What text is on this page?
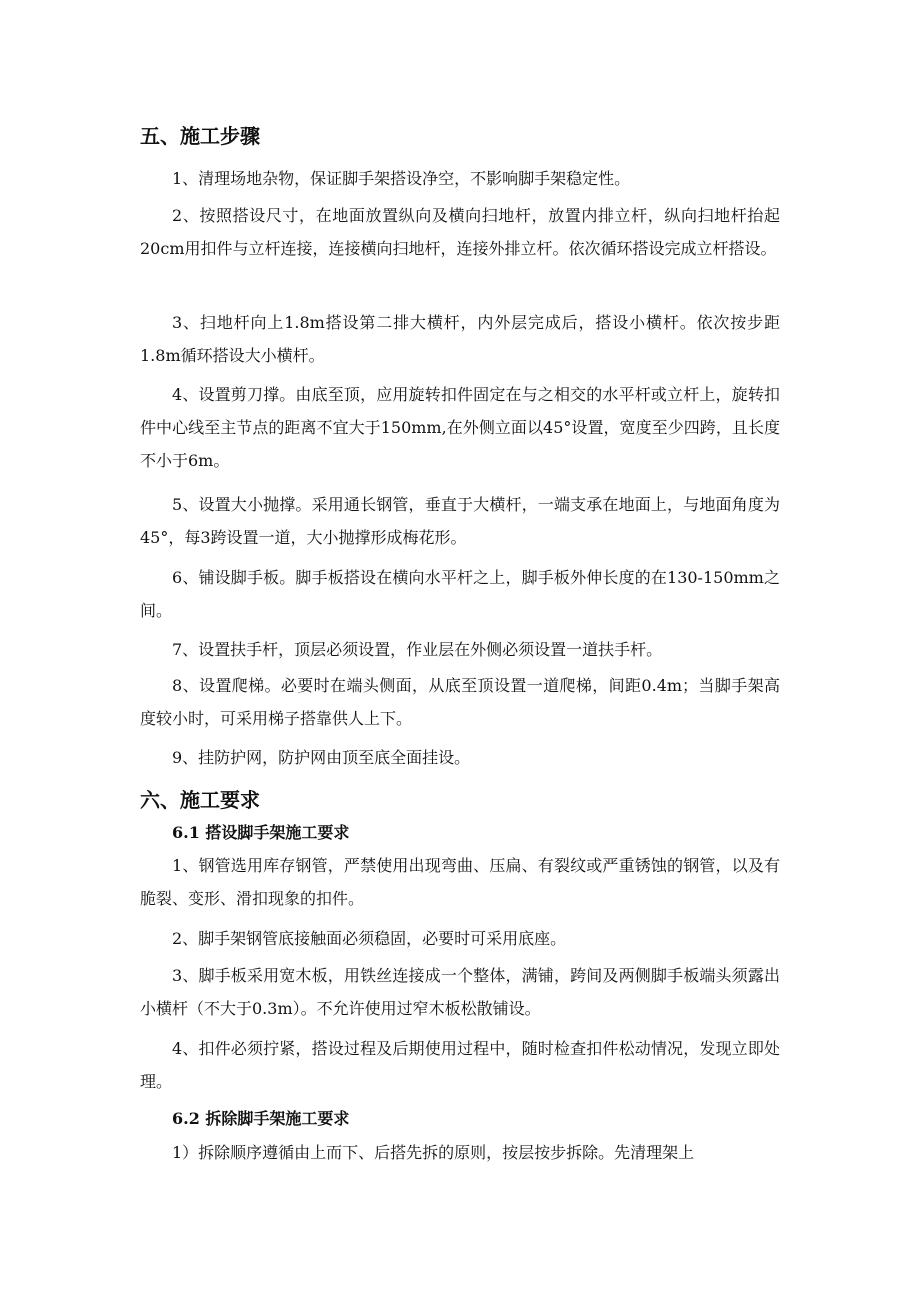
五、施工步骤

1、清理场地杂物，保证脚手架搭设净空，不影响脚手架稳定性。

2、按照搭设尺寸，在地面放置纵向及横向扫地杆，放置内排立杆，纵向扫地杆抬起20cm用扣件与立杆连接，连接横向扫地杆，连接外排立杆。依次循环搭设完成立杆搭设。

3、扫地杆向上1.8m搭设第二排大横杆，内外层完成后，搭设小横杆。依次按步距1.8m循环搭设大小横杆。

4、设置剪刀撑。由底至顶，应用旋转扣件固定在与之相交的水平杆或立杆上，旋转扣件中心线至主节点的距离不宜大于150mm,在外侧立面以45°设置，宽度至少四跨，且长度不小于6m。

5、设置大小抛撑。采用通长钢管，垂直于大横杆，一端支承在地面上，与地面角度为45°，每3跨设置一道，大小抛撑形成梅花形。

6、铺设脚手板。脚手板搭设在横向水平杆之上，脚手板外伸长度的在130-150mm之间。

7、设置扶手杆，顶层必须设置，作业层在外侧必须设置一道扶手杆。

8、设置爬梯。必要时在端头侧面，从底至顶设置一道爬梯，间距0.4m；当脚手架高度较小时，可采用梯子搭靠供人上下。

9、挂防护网，防护网由顶至底全面挂设。

六、施工要求
6.1 搭设脚手架施工要求

1、钢管选用库存钢管，严禁使用出现弯曲、压扁、有裂纹或严重锈蚀的钢管，以及有脆裂、变形、滑扣现象的扣件。

2、脚手架钢管底接触面必须稳固，必要时可采用底座。

3、脚手板采用宽木板，用铁丝连接成一个整体，满铺，跨间及两侧脚手板端头须露出小横杆（不大于0.3m）。不允许使用过窄木板松散铺设。

4、扣件必须拧紧，搭设过程及后期使用过程中，随时检查扣件松动情况，发现立即处理。

6.2 拆除脚手架施工要求

1）拆除顺序遵循由上而下、后搭先拆的原则，按层按步拆除。先清理架上
